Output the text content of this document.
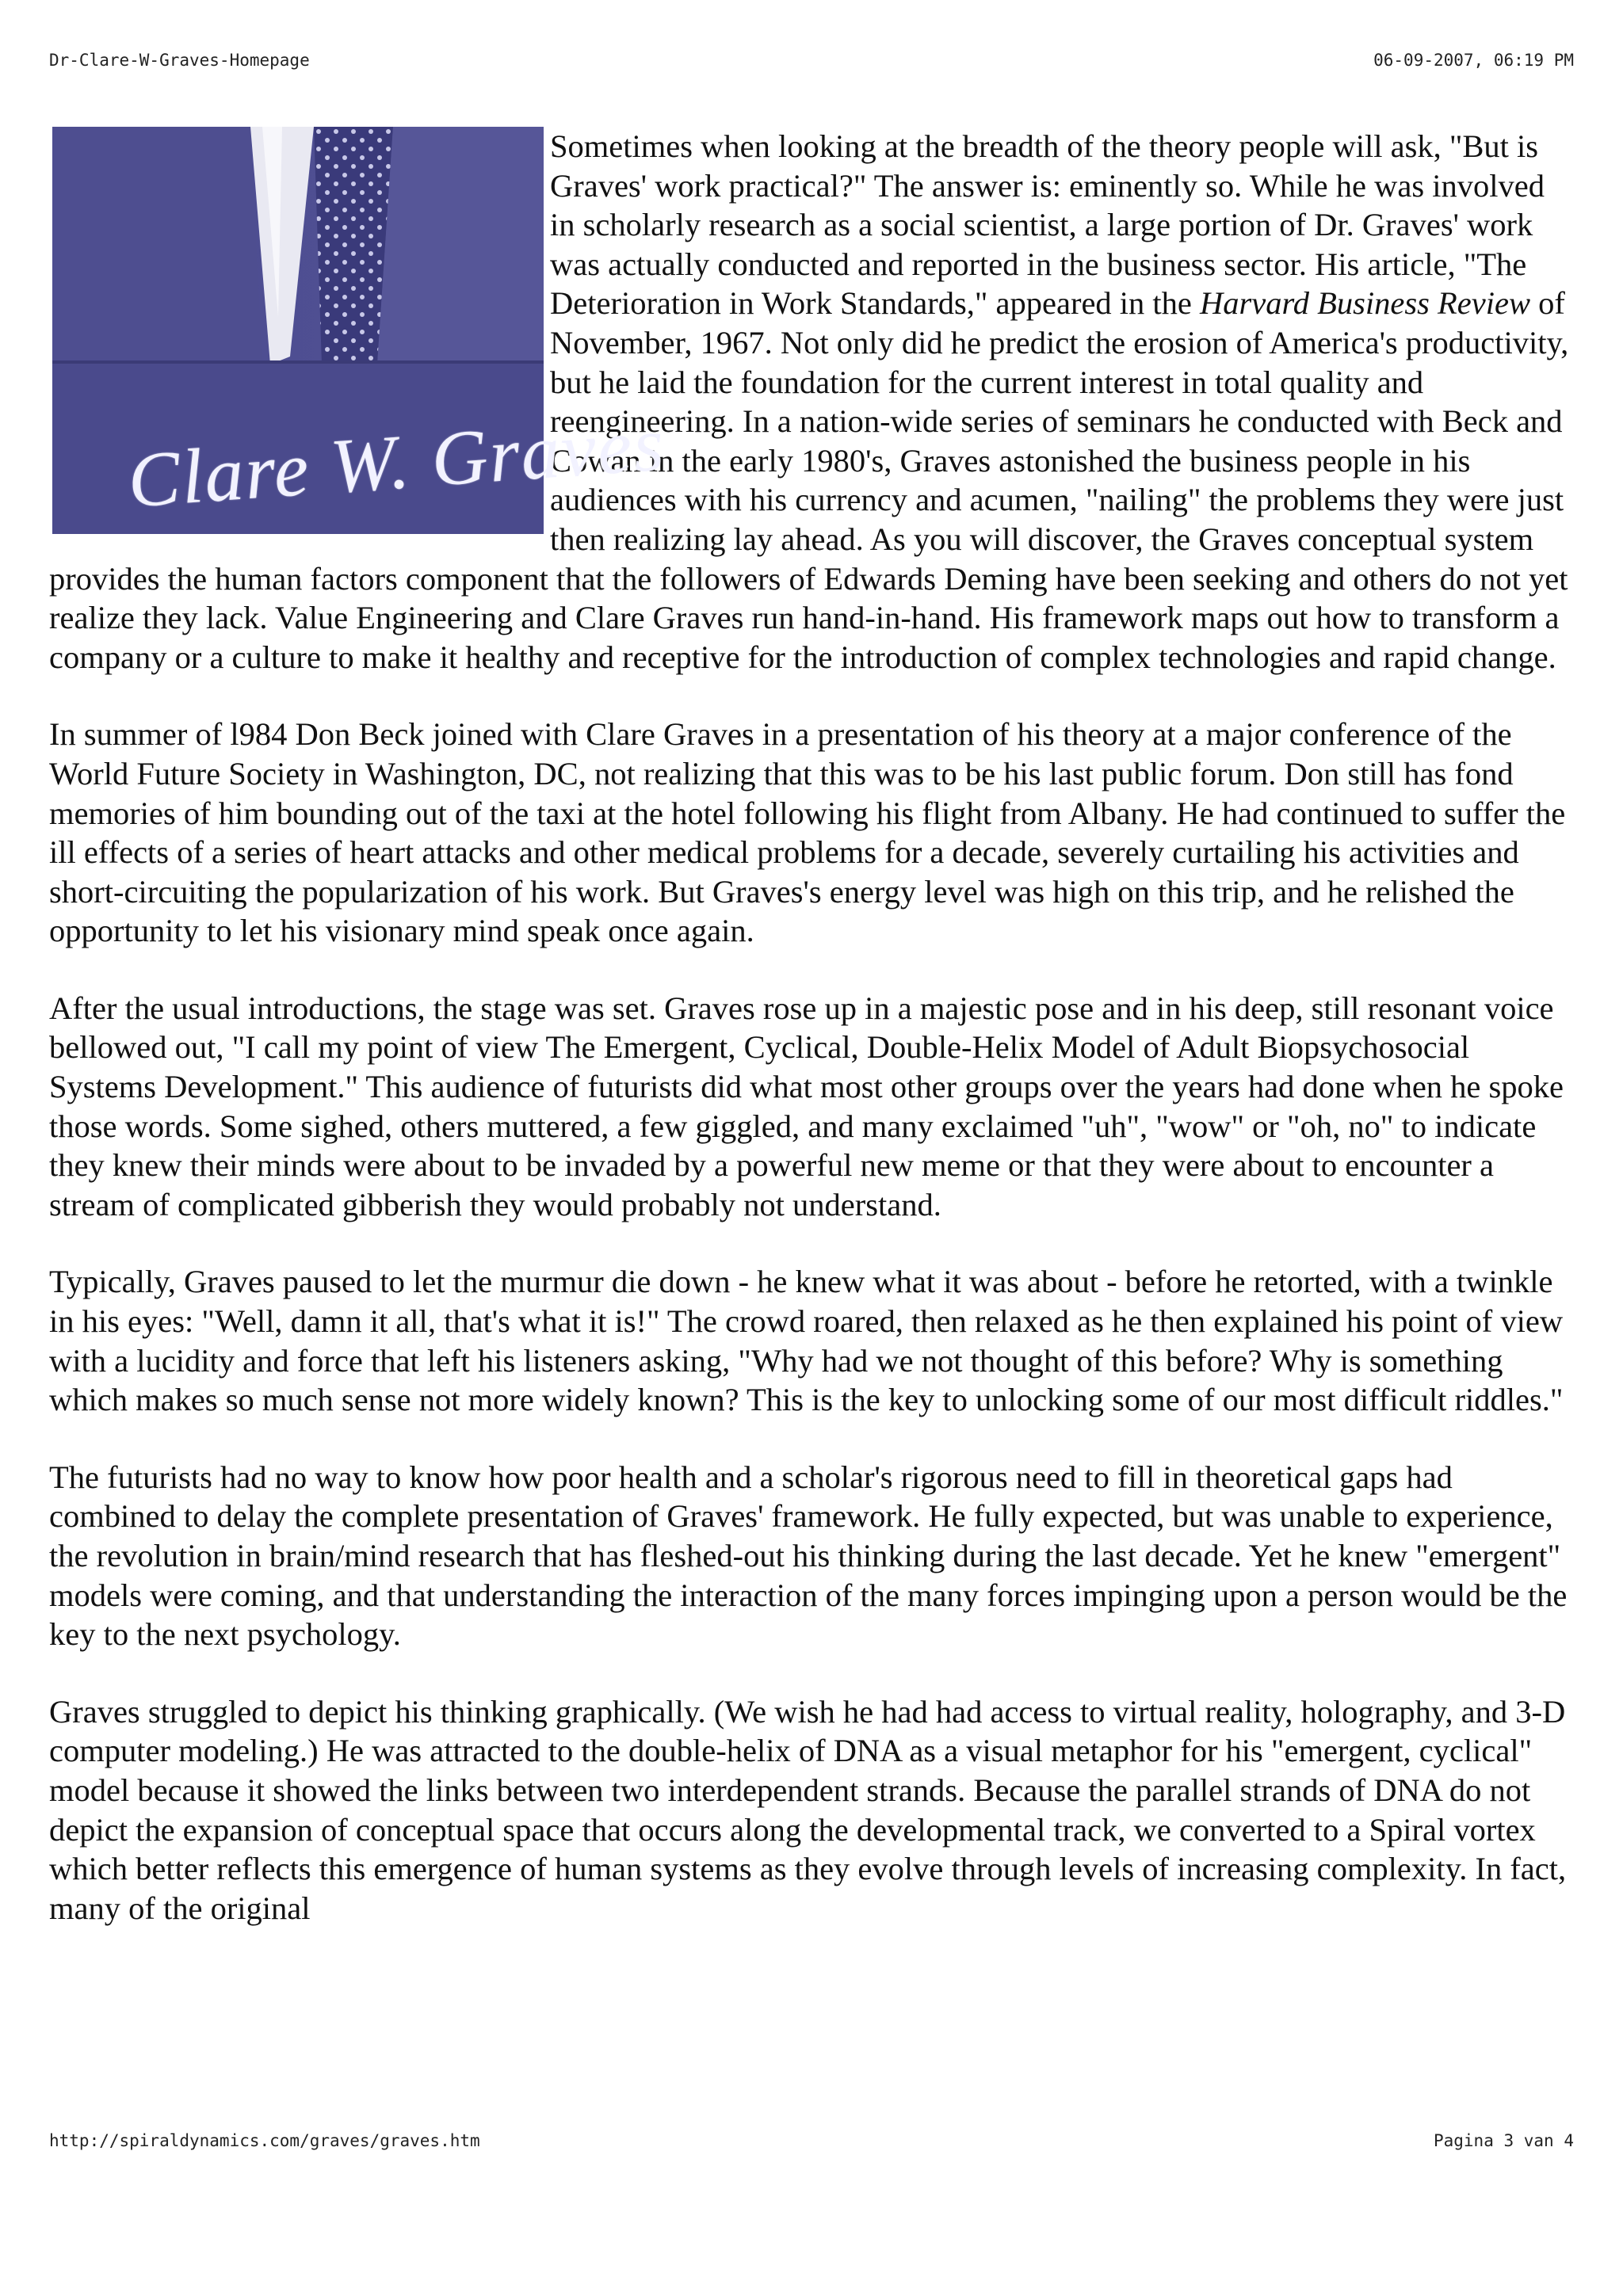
Dr-Clare-W-Graves-Homepage	06-09-2007, 06:19 PM
Clare W. Graves

Sometimes when looking at the breadth of the theory people will ask, "But is Graves' work practical?" The answer is: eminently so. While he was involved in scholarly research as a social scientist, a large portion of Dr. Graves' work was actually conducted and reported in the business sector. His article, "The Deterioration in Work Standards," appeared in the Harvard Business Review of November, 1967. Not only did he predict the erosion of America's productivity, but he laid the foundation for the current interest in total quality and reengineering. In a nation-wide series of seminars he conducted with Beck and Cowan in the early 1980's, Graves astonished the business people in his audiences with his currency and acumen, "nailing" the problems they were just then realizing lay ahead. As you will discover, the Graves conceptual system provides the human factors component that the followers of Edwards Deming have been seeking and others do not yet realize they lack. Value Engineering and Clare Graves run hand-in-hand. His framework maps out how to transform a company or a culture to make it healthy and receptive for the introduction of complex technologies and rapid change.

In summer of l984 Don Beck joined with Clare Graves in a presentation of his theory at a major conference of the World Future Society in Washington, DC, not realizing that this was to be his last public forum. Don still has fond memories of him bounding out of the taxi at the hotel following his flight from Albany. He had continued to suffer the ill effects of a series of heart attacks and other medical problems for a decade, severely curtailing his activities and short-circuiting the popularization of his work. But Graves's energy level was high on this trip, and he relished the opportunity to let his visionary mind speak once again.

After the usual introductions, the stage was set. Graves rose up in a majestic pose and in his deep, still resonant voice bellowed out, "I call my point of view The Emergent, Cyclical, Double-Helix Model of Adult Biopsychosocial Systems Development." This audience of futurists did what most other groups over the years had done when he spoke those words. Some sighed, others muttered, a few giggled, and many exclaimed "uh", "wow" or "oh, no" to indicate they knew their minds were about to be invaded by a powerful new meme or that they were about to encounter a stream of complicated gibberish they would probably not understand.

Typically, Graves paused to let the murmur die down - he knew what it was about - before he retorted, with a twinkle in his eyes: "Well, damn it all, that's what it is!" The crowd roared, then relaxed as he then explained his point of view with a lucidity and force that left his listeners asking, "Why had we not thought of this before? Why is something which makes so much sense not more widely known? This is the key to unlocking some of our most difficult riddles."

The futurists had no way to know how poor health and a scholar's rigorous need to fill in theoretical gaps had combined to delay the complete presentation of Graves' framework. He fully expected, but was unable to experience, the revolution in brain/mind research that has fleshed-out his thinking during the last decade. Yet he knew "emergent" models were coming, and that understanding the interaction of the many forces impinging upon a person would be the key to the next psychology.

Graves struggled to depict his thinking graphically. (We wish he had had access to virtual reality, holography, and 3-D computer modeling.) He was attracted to the double-helix of DNA as a visual metaphor for his "emergent, cyclical" model because it showed the links between two interdependent strands. Because the parallel strands of DNA do not depict the expansion of conceptual space that occurs along the developmental track, we converted to a Spiral vortex which better reflects this emergence of human systems as they evolve through levels of increasing complexity. In fact, many of the original

http://spiraldynamics.com/graves/graves.htm	Pagina 3 van 4
